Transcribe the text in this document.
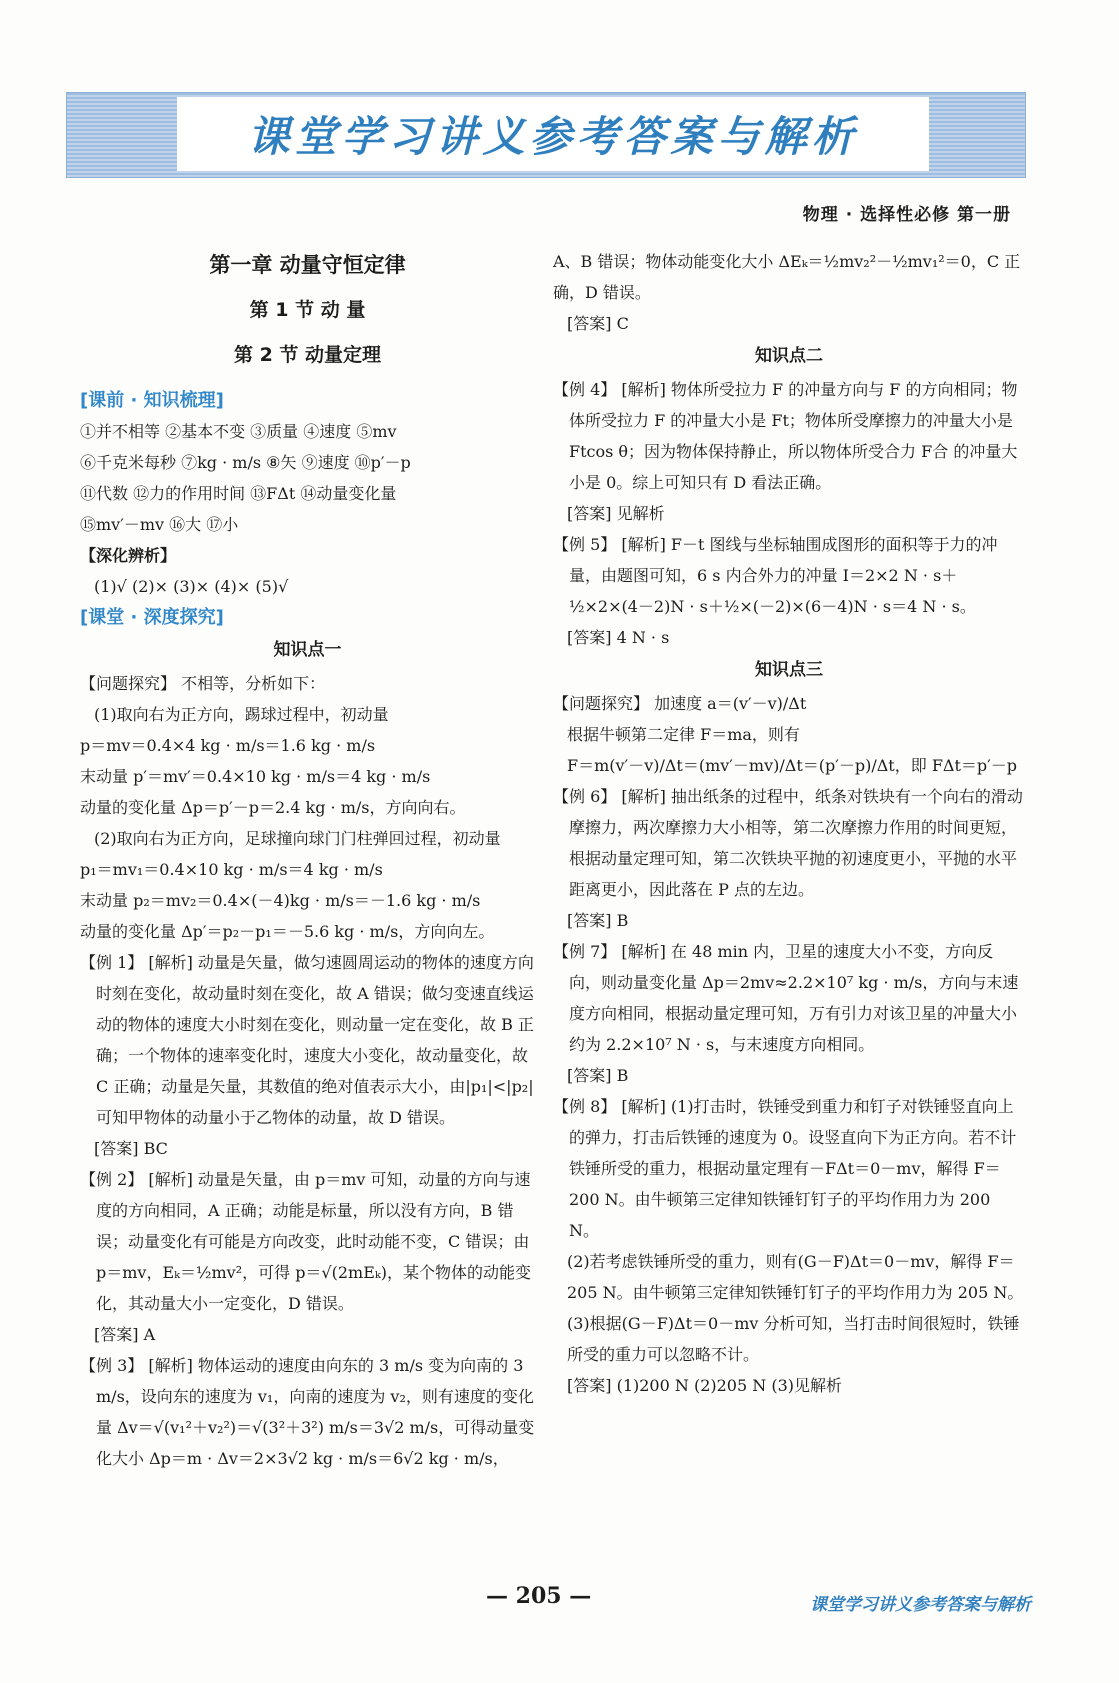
课堂学习讲义参考答案与解析
物理 · 选择性必修 第一册

第一章 动量守恒定律

第 1 节 动 量

第 2 节 动量定理

[课前 · 知识梳理]

①并不相等 ②基本不变 ③质量 ④速度 ⑤mv

⑥千克米每秒 ⑦kg · m/s ⑧矢 ⑨速度 ⑩p′－p

⑪代数 ⑫力的作用时间 ⑬FΔt ⑭动量变化量

⑮mv′－mv ⑯大 ⑰小

【深化辨析】

(1)√ (2)× (3)× (4)× (5)√

[课堂 · 深度探究]

知识点一

【问题探究】 不相等，分析如下：

(1)取向右为正方向，踢球过程中，初动量

p＝mv＝0.4×4 kg · m/s＝1.6 kg · m/s

末动量 p′＝mv′＝0.4×10 kg · m/s＝4 kg · m/s

动量的变化量 Δp＝p′－p＝2.4 kg · m/s，方向向右。

(2)取向右为正方向，足球撞向球门门柱弹回过程，初动量

p₁＝mv₁＝0.4×10 kg · m/s＝4 kg · m/s

末动量 p₂＝mv₂＝0.4×(－4)kg · m/s＝－1.6 kg · m/s

动量的变化量 Δp′＝p₂－p₁＝－5.6 kg · m/s，方向向左。

【例 1】 [解析] 动量是矢量，做匀速圆周运动的物体的速度方向时刻在变化，故动量时刻在变化，故 A 错误；做匀变速直线运动的物体的速度大小时刻在变化，则动量一定在变化，故 B 正确；一个物体的速率变化时，速度大小变化，故动量变化，故 C 正确；动量是矢量，其数值的绝对值表示大小，由|p₁|<|p₂|可知甲物体的动量小于乙物体的动量，故 D 错误。

[答案] BC

【例 2】 [解析] 动量是矢量，由 p＝mv 可知，动量的方向与速度的方向相同，A 正确；动能是标量，所以没有方向，B 错误；动量变化有可能是方向改变，此时动能不变，C 错误；由 p＝mv，Eₖ＝½mv²，可得 p＝√(2mEₖ)，某个物体的动能变化，其动量大小一定变化，D 错误。

[答案] A

【例 3】 [解析] 物体运动的速度由向东的 3 m/s 变为向南的 3 m/s，设向东的速度为 v₁，向南的速度为 v₂，则有速度的变化量 Δv＝√(v₁²＋v₂²)＝√(3²＋3²) m/s＝3√2 m/s，可得动量变化大小 Δp＝m · Δv＝2×3√2 kg · m/s＝6√2 kg · m/s，

A、B 错误；物体动能变化大小 ΔEₖ＝½mv₂²－½mv₁²＝0，C 正确，D 错误。

[答案] C

知识点二

【例 4】 [解析] 物体所受拉力 F 的冲量方向与 F 的方向相同；物体所受拉力 F 的冲量大小是 Ft；物体所受摩擦力的冲量大小是 Ftcos θ；因为物体保持静止，所以物体所受合力 F合 的冲量大小是 0。综上可知只有 D 看法正确。

[答案] 见解析

【例 5】 [解析] F－t 图线与坐标轴围成图形的面积等于力的冲量，由题图可知，6 s 内合外力的冲量 I＝2×2 N · s＋½×2×(4－2)N · s＋½×(－2)×(6－4)N · s＝4 N · s。

[答案] 4 N · s

知识点三

【问题探究】 加速度 a＝(v′－v)/Δt

根据牛顿第二定律 F＝ma，则有

F＝m(v′－v)/Δt＝(mv′－mv)/Δt＝(p′－p)/Δt，即 FΔt＝p′－p

【例 6】 [解析] 抽出纸条的过程中，纸条对铁块有一个向右的滑动摩擦力，两次摩擦力大小相等，第二次摩擦力作用的时间更短，根据动量定理可知，第二次铁块平抛的初速度更小，平抛的水平距离更小，因此落在 P 点的左边。

[答案] B

【例 7】 [解析] 在 48 min 内，卫星的速度大小不变，方向反向，则动量变化量 Δp＝2mv≈2.2×10⁷ kg · m/s，方向与末速度方向相同，根据动量定理可知，万有引力对该卫星的冲量大小约为 2.2×10⁷ N · s，与末速度方向相同。

[答案] B

【例 8】 [解析] (1)打击时，铁锤受到重力和钉子对铁锤竖直向上的弹力，打击后铁锤的速度为 0。设竖直向下为正方向。若不计铁锤所受的重力，根据动量定理有－FΔt＝0－mv，解得 F＝200 N。由牛顿第三定律知铁锤钉钉子的平均作用力为 200 N。

(2)若考虑铁锤所受的重力，则有(G－F)Δt＝0－mv，解得 F＝205 N。由牛顿第三定律知铁锤钉钉子的平均作用力为 205 N。

(3)根据(G－F)Δt＝0－mv 分析可知，当打击时间很短时，铁锤所受的重力可以忽略不计。

[答案] (1)200 N (2)205 N (3)见解析

— 205 —	课堂学习讲义参考答案与解析
